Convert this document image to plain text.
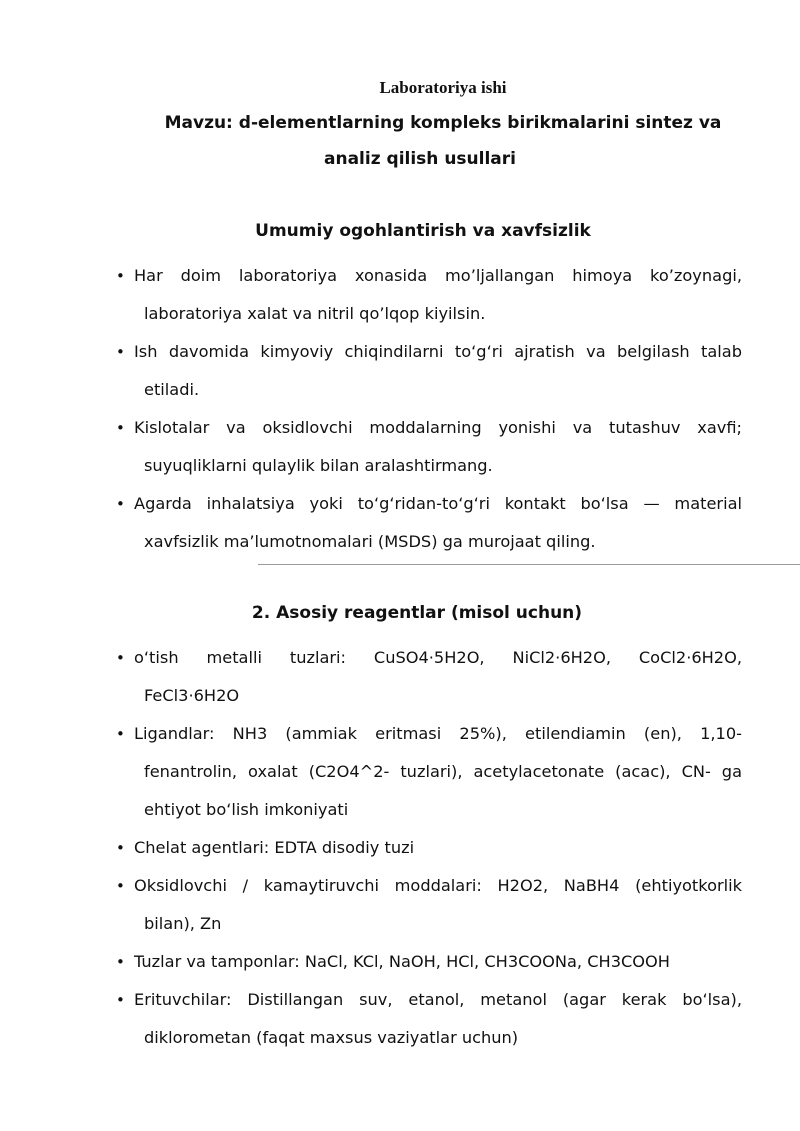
Laboratoriya ishi
Mavzu: d-elementlarning kompleks birikmalarini sintez va
analiz qilish usullari
Umumiy ogohlantirish va xavfsizlik
• Har doim laboratoriya xonasida mo’ljallangan himoya ko’zoynagi,
laboratoriya xalat va nitril qo’lqop kiyilsin.
• Ish davomida kimyoviy chiqindilarni to‘g‘ri ajratish va belgilash talab
etiladi.
• Kislotalar va oksidlovchi moddalarning yonishi va tutashuv xavfi;
suyuqliklarni qulaylik bilan aralashtirmang.
• Agarda inhalatsiya yoki to‘g‘ridan-to‘g‘ri kontakt bo‘lsa — material
xavfsizlik ma’lumotnomalari (MSDS) ga murojaat qiling.
2. Asosiy reagentlar (misol uchun)
• o‘tish metalli tuzlari: CuSO4·5H2O, NiCl2·6H2O, CoCl2·6H2O,
FeCl3·6H2O
• Ligandlar: NH3 (ammiak eritmasi 25%), etilendiamin (en), 1,10-
fenantrolin, oxalat (C2O4^2- tuzlari), acetylacetonate (acac), CN- ga ehtiyot bo‘lish imkoniyati
• Chelat agentlari: EDTA disodiy tuzi
• Oksidlovchi / kamaytiruvchi moddalari: H2O2, NaBH4 (ehtiyotkorlik
bilan), Zn
• Tuzlar va tamponlar: NaCl, KCl, NaOH, HCl, CH3COONa, CH3COOH
• Erituvchilar: Distillangan suv, etanol, metanol (agar kerak bo‘lsa),
diklorometan (faqat maxsus vaziyatlar uchun)
